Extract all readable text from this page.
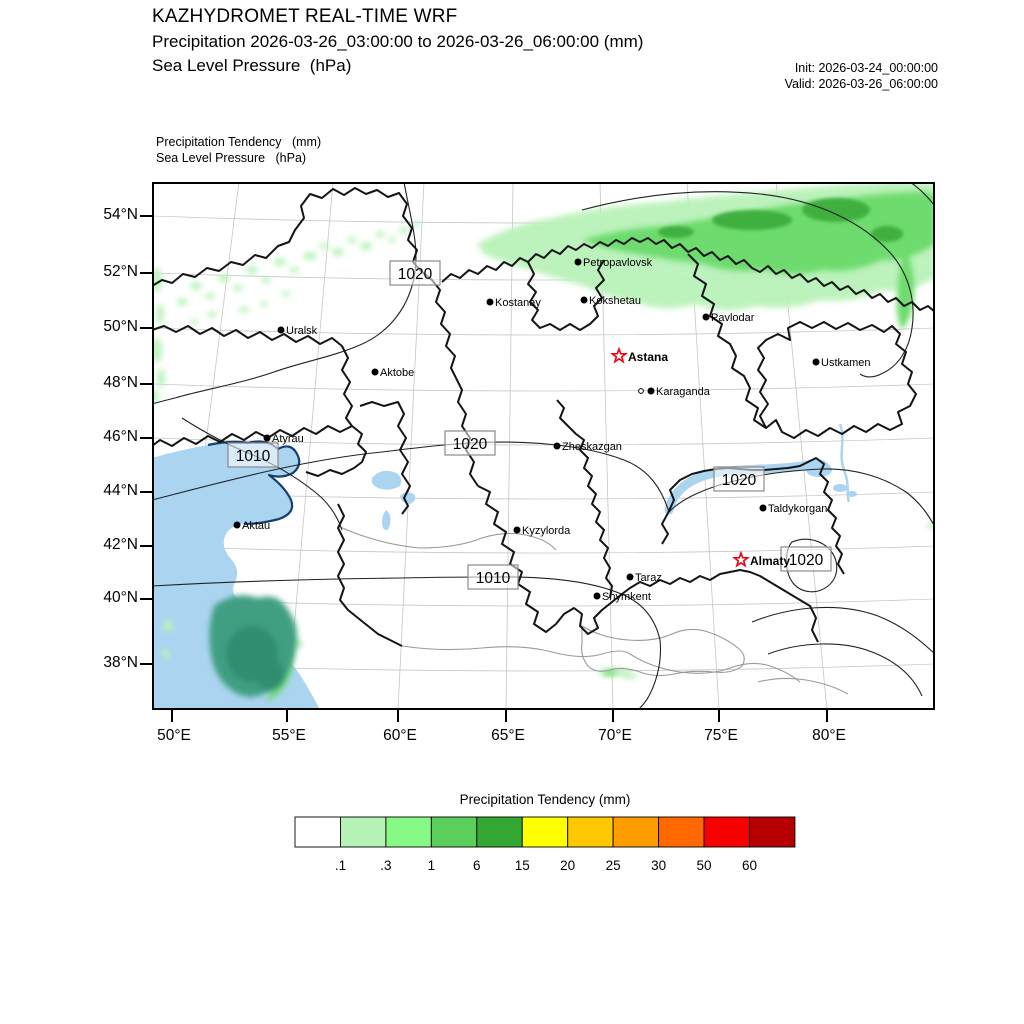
KAZHYDROMET REAL-TIME WRF
Precipitation 2026-03-26_03:00:00 to 2026-03-26_06:00:00 (mm)
Sea Level Pressure  (hPa)	Init: 2026-03-24_00:00:00
Valid: 2026-03-26_06:00:00
Precipitation Tendency   (mm)
Sea Level Pressure   (hPa)
54°N
52°N
50°N
48°N
46°N
44°N
42°N
40°N
38°N
50°E	55°E	60°E	65°E	70°E	75°E	80°E
1020
1020
1010
1020
1010
1020
Petropavlovsk
Kostanay	Kokshetau
Pavlodar
Uralsk
Astana
Aktobe
Ustkamen
Karaganda
Atyrau
Zheskazgan
Taldykorgan
Aktau	Kyzylorda
Almaty
Taraz
Shymkent
Precipitation Tendency (mm)
.1	.3	1	6	15 20 25 30 50 60
